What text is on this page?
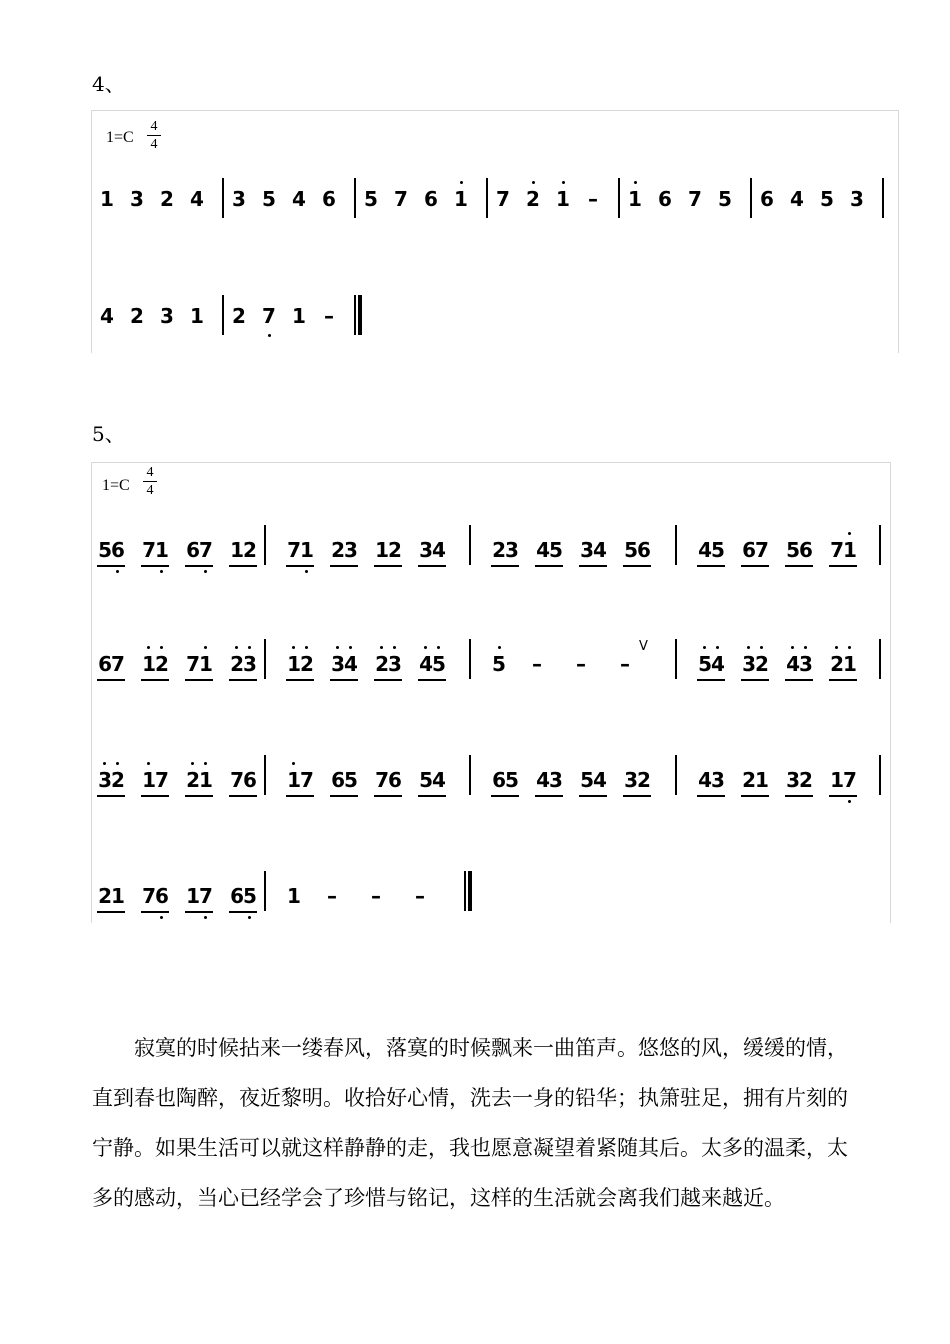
4、
1=C
4
4
1 3 2 4 3 5 4 6 5 7 6 1 7 2 1 – 1 6 7 5 6 4 5 3
4 2 3 1 2 7 1 –
5、
1=C
4
4
V
56 71 67 12 71 23 12 34 23 45 34 56 45 67 56 71
67 12 71 23 12 34 23 45 5 – – –	54 32 43 21
32 17 21 76 17 65 76 54 65 43 54 32 43 21 32 17
21 76 17 65 1 – – –
寂寞的时候拈来一缕春风，落寞的时候飘来一曲笛声。悠悠的风，缓缓的情，
直到春也陶醉，夜近黎明。收拾好心情，洗去一身的铅华；执箫驻足，拥有片刻的
宁静。如果生活可以就这样静静的走，我也愿意凝望着紧随其后。太多的温柔，太
多的感动，当心已经学会了珍惜与铭记，这样的生活就会离我们越来越近。
